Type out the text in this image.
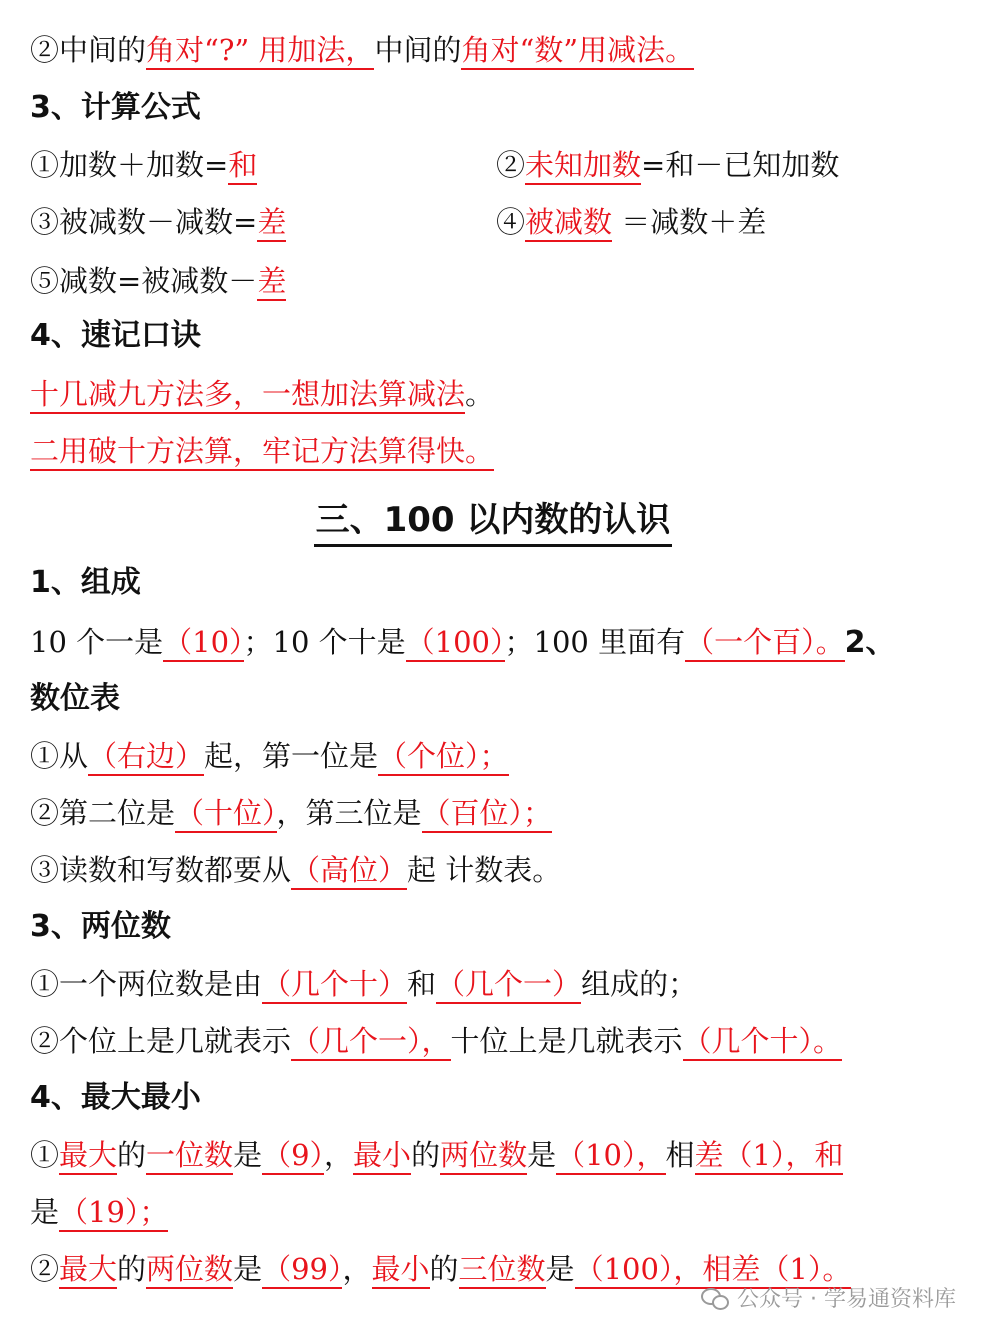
②中间的角对“?” 用加法，中间的角对“数”用减法。
3、计算公式
①加数＋加数=和	②未知加数=和－已知加数
③被减数－减数=差	④被减数 ＝减数＋差
⑤减数=被减数－差
4、速记口诀
十几减九方法多，一想加法算减法。
二用破十方法算，牢记方法算得快。
三、100 以内数的认识
1、组成
10 个一是（10）；10 个十是（100）；100 里面有（一个百）。2、
数位表
①从（右边）起，第一位是（个位）；
②第二位是（十位），第三位是（百位）；
③读数和写数都要从（高位）起 计数表。
3、两位数
①一个两位数是由（几个十）和（几个一）组成的；
②个位上是几就表示（几个一），十位上是几就表示（几个十）。
4、最大最小
①最大的一位数是（9），最小的两位数是（10），相差（1），和
是（19）；
②最大的两位数是（99），最小的三位数是（100），相差（1）。
公众号 · 学易通资料库
